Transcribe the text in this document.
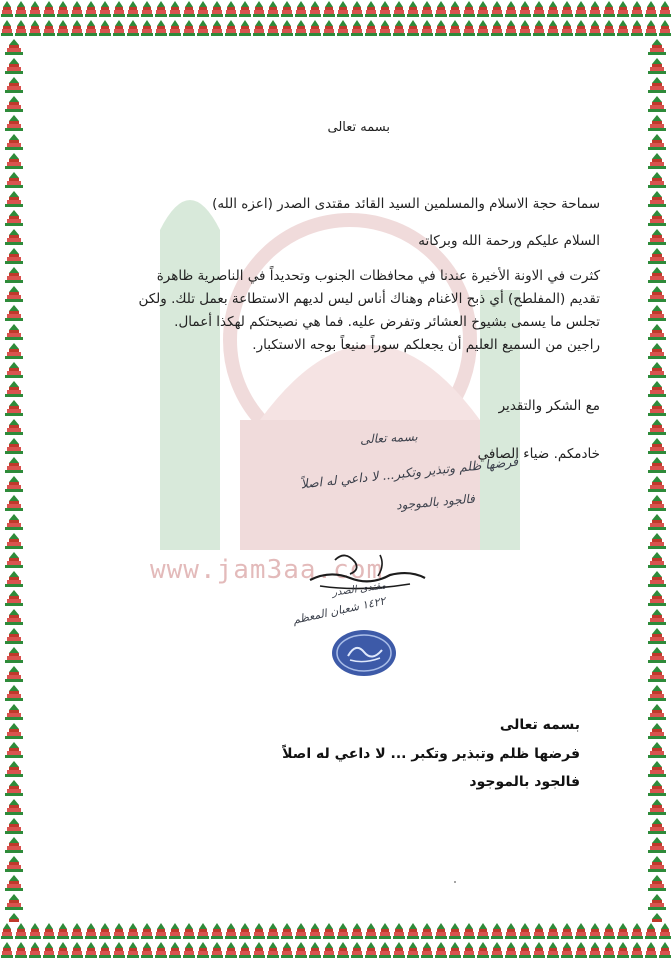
www.jam3aa.com
بسمه تعالى
سماحة حجة الاسلام والمسلمين السيد القائد مقتدى الصدر (اعزه الله)
السلام عليكم ورحمة الله وبركاته
كثرت في الاونة الأخيرة عندنا في محافظات الجنوب وتحديداً في الناصرية ظاهرة
تقديم (المفلطح) أي ذبح الاغنام وهناك أناس ليس لديهم الاستطاعة بعمل تلك. ولكن
تجلس ما يسمى بشيوخ العشائر وتفرض عليه. فما هي نصيحتكم لهكذا أعمال.
راجين من السميع العليم أن يجعلكم سوراً منيعاً بوجه الاستكبار.
مع الشكر والتقدير
خادمكم. ضياء الصافي
بسمه تعالى
فرضها ظلم وتبذير وتكبر... لا داعي له اصلاً
فالجود بالموجود
مقتدى الصدر
١٤٢٢ شعبان المعظم
بسمه تعالى
فرضها ظلم وتبذير وتكبر ... لا داعي له اصلاً
فالجود بالموجود
